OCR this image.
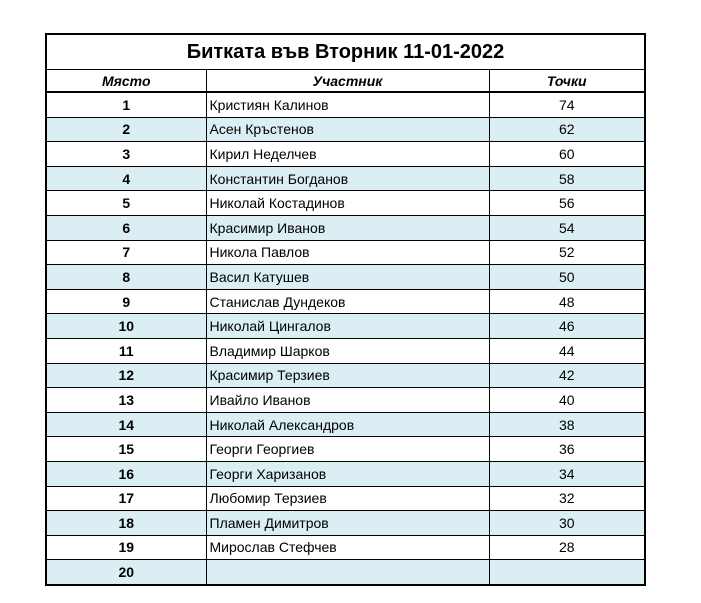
Битката във Вторник 11-01-2022
Място	Участник	Точки
1	Кристиян Калинов	74
2	Асен Кръстенов	62
3	Кирил Неделчев	60
4	Константин Богданов	58
5	Николай Костадинов	56
6	Красимир Иванов	54
7	Никола Павлов	52
8	Васил Катушев	50
9	Станислав Дундеков	48
10	Николай Цингалов	46
11	Владимир Шарков	44
12	Красимир Терзиев	42
13	Ивайло Иванов	40
14	Николай Александров	38
15	Георги Георгиев	36
16	Георги Харизанов	34
17	Любомир Терзиев	32
18	Пламен Димитров	30
19	Мирослав Стефчев	28
20		
